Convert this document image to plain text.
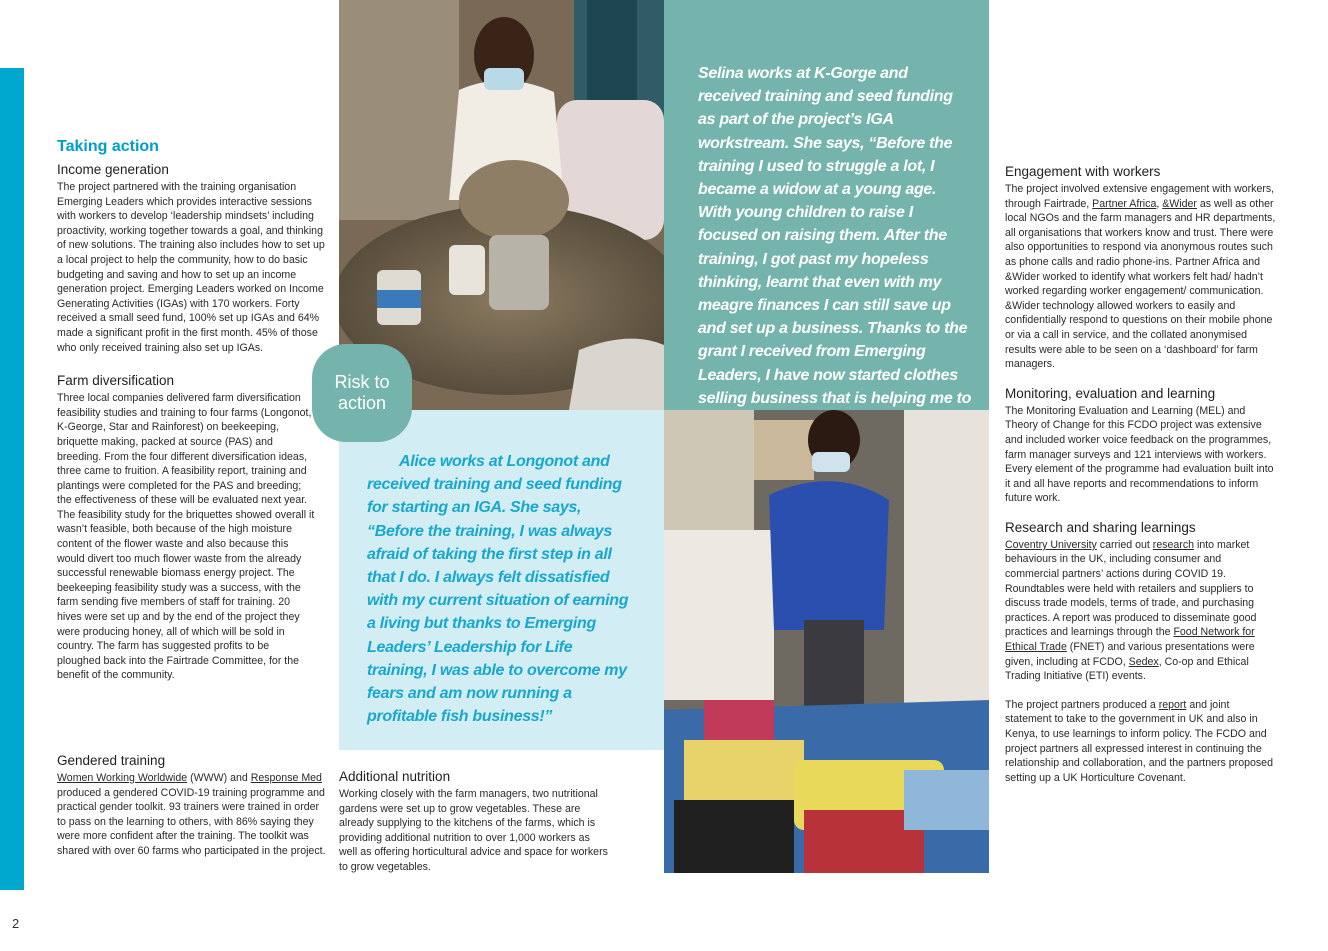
Taking action
Income generation

The project partnered with the training organisation Emerging Leaders which provides interactive sessions with workers to develop ‘leadership mindsets’ including proactivity, working together towards a goal, and thinking of new solutions. The training also includes how to set up a local project to help the community, how to do basic budgeting and saving and how to set up an income generation project. Emerging Leaders worked on Income Generating Activities (IGAs) with 170 workers. Forty received a small seed fund, 100% set up IGAs and 64% made a significant profit in the first month. 45% of those who only received training also set up IGAs.

Farm diversification

Three local companies delivered farm diversification feasibility studies and training to four farms (Longonot, K-George, Star and Rainforest) on beekeeping, briquette making, packed at source (PAS) and breeding. From the four different diversification ideas, three came to fruition. A feasibility report, training and plantings were completed for the PAS and breeding; the effectiveness of these will be evaluated next year. The feasibility study for the briquettes showed overall it wasn’t feasible, both because of the high moisture content of the flower waste and also because this would divert too much flower waste from the already successful renewable biomass energy project. The beekeeping feasibility study was a success, with the farm sending five members of staff for training. 20 hives were set up and by the end of the project they were producing honey, all of which will be sold in country. The farm has suggested profits to be ploughed back into the Fairtrade Committee, for the benefit of the community.

Gendered training

Women Working Worldwide (WWW) and Response Med produced a gendered COVID-19 training programme and practical gender toolkit. 93 trainers were trained in order to pass on the learning to others, with 86% saying they were more confident after the training. The toolkit was shared with over 60 farms who participated in the project.

Selina works at K-Gorge and received training and seed funding as part of the project’s IGA workstream. She says, “Before the training I used to struggle a lot, I became a widow at a young age. With young children to raise I focused on raising them. After the training, I got past my hopeless thinking, learnt that even with my meagre finances I can still save up and set up a business. Thanks to the grant I received from Emerging Leaders, I have now started clothes selling business that is helping me to
Alice works at Longonot and
received training and seed funding for starting an IGA. She says, “Before the training, I was always afraid of taking the first step in all that I do. I always felt dissatisfied with my current situation of earning a living but thanks to Emerging Leaders’ Leadership for Life training, I was able to overcome my fears and am now running a profitable fish business!”
Risk to action
Additional nutrition

Working closely with the farm managers, two nutritional gardens were set up to grow vegetables. These are already supplying to the kitchens of the farms, which is providing additional nutrition to over 1,000 workers as well as offering horticultural advice and space for workers to grow vegetables.

Engagement with workers

The project involved extensive engagement with workers, through Fairtrade, Partner Africa, &Wider as well as other local NGOs and the farm managers and HR departments, all organisations that workers know and trust. There were also opportunities to respond via anonymous routes such as phone calls and radio phone-ins. Partner Africa and &Wider worked to identify what workers felt had/ hadn’t worked regarding worker engagement/ communication. &Wider technology allowed workers to easily and confidentially respond to questions on their mobile phone or via a call in service, and the collated anonymised results were able to be seen on a ‘dashboard’ for farm managers.

Monitoring, evaluation and learning

The Monitoring Evaluation and Learning (MEL) and Theory of Change for this FCDO project was extensive and included worker voice feedback on the programmes, farm manager surveys and 121 interviews with workers. Every element of the programme had evaluation built into it and all have reports and recommendations to inform future work.

Research and sharing learnings

Coventry University carried out research into market behaviours in the UK, including consumer and commercial partners’ actions during COVID 19. Roundtables were held with retailers and suppliers to discuss trade models, terms of trade, and purchasing practices. A report was produced to disseminate good practices and learnings through the Food Network for Ethical Trade (FNET) and various presentations were given, including at FCDO, Sedex, Co-op and Ethical Trading Initiative (ETI) events.

The project partners produced a report and joint statement to take to the government in UK and also in Kenya, to use learnings to inform policy. The FCDO and project partners all expressed interest in continuing the relationship and collaboration, and the partners proposed setting up a UK Horticulture Covenant.

2
